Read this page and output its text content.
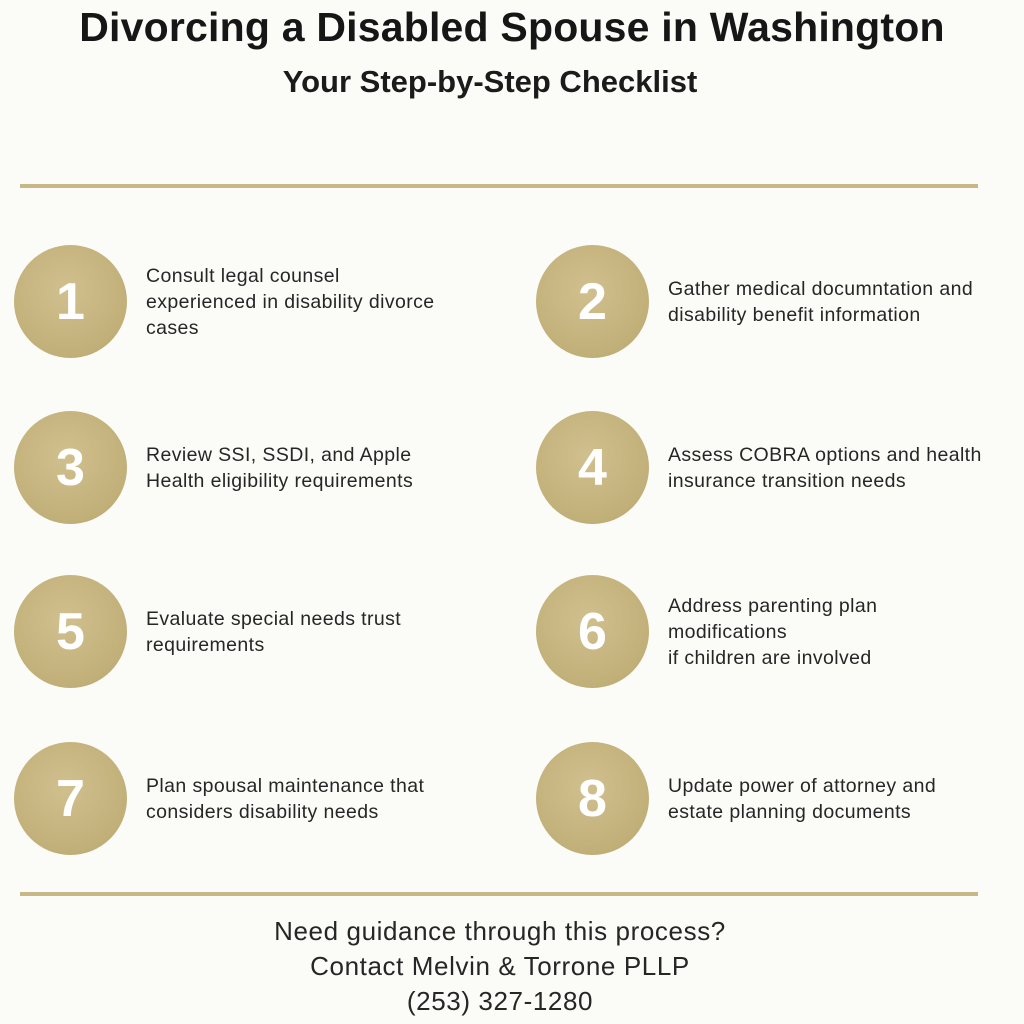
Divorcing a Disabled Spouse in Washington
Your Step-by-Step Checklist
1	Consult legal counsel
experienced in disability divorce
cases	2	Gather medical documntation and
disability benefit information
3	Review SSI, SSDI, and Apple
Health eligibility requirements	4	Assess COBRA options and health
insurance transition needs
5	Evaluate special needs trust
requirements	6	Address parenting plan
modifications
if children are involved
7	Plan spousal maintenance that
considers disability needs	8	Update power of attorney and
estate planning documents
Need guidance through this process?
Contact Melvin & Torrone PLLP
(253) 327-1280
